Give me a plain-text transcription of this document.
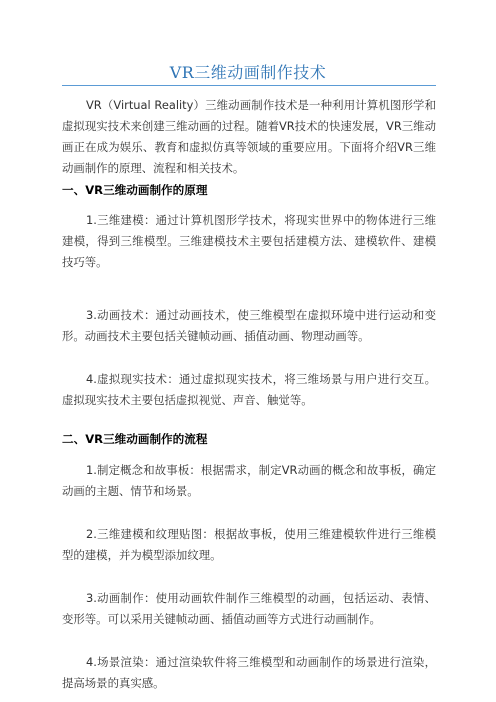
VR三维动画制作技术

VR（Virtual Reality）三维动画制作技术是一种利用计算机图形学和虚拟现实技术来创建三维动画的过程。随着VR技术的快速发展，VR三维动画正在成为娱乐、教育和虚拟仿真等领域的重要应用。下面将介绍VR三维动画制作的原理、流程和相关技术。

一、VR三维动画制作的原理

1.三维建模：通过计算机图形学技术，将现实世界中的物体进行三维建模，得到三维模型。三维建模技术主要包括建模方法、建模软件、建模技巧等。

3.动画技术：通过动画技术，使三维模型在虚拟环境中进行运动和变形。动画技术主要包括关键帧动画、插值动画、物理动画等。

4.虚拟现实技术：通过虚拟现实技术，将三维场景与用户进行交互。虚拟现实技术主要包括虚拟视觉、声音、触觉等。

二、VR三维动画制作的流程

1.制定概念和故事板：根据需求，制定VR动画的概念和故事板，确定动画的主题、情节和场景。

2.三维建模和纹理贴图：根据故事板，使用三维建模软件进行三维模型的建模，并为模型添加纹理。

3.动画制作：使用动画软件制作三维模型的动画，包括运动、表情、变形等。可以采用关键帧动画、插值动画等方式进行动画制作。

4.场景渲染：通过渲染软件将三维模型和动画制作的场景进行渲染，提高场景的真实感。
